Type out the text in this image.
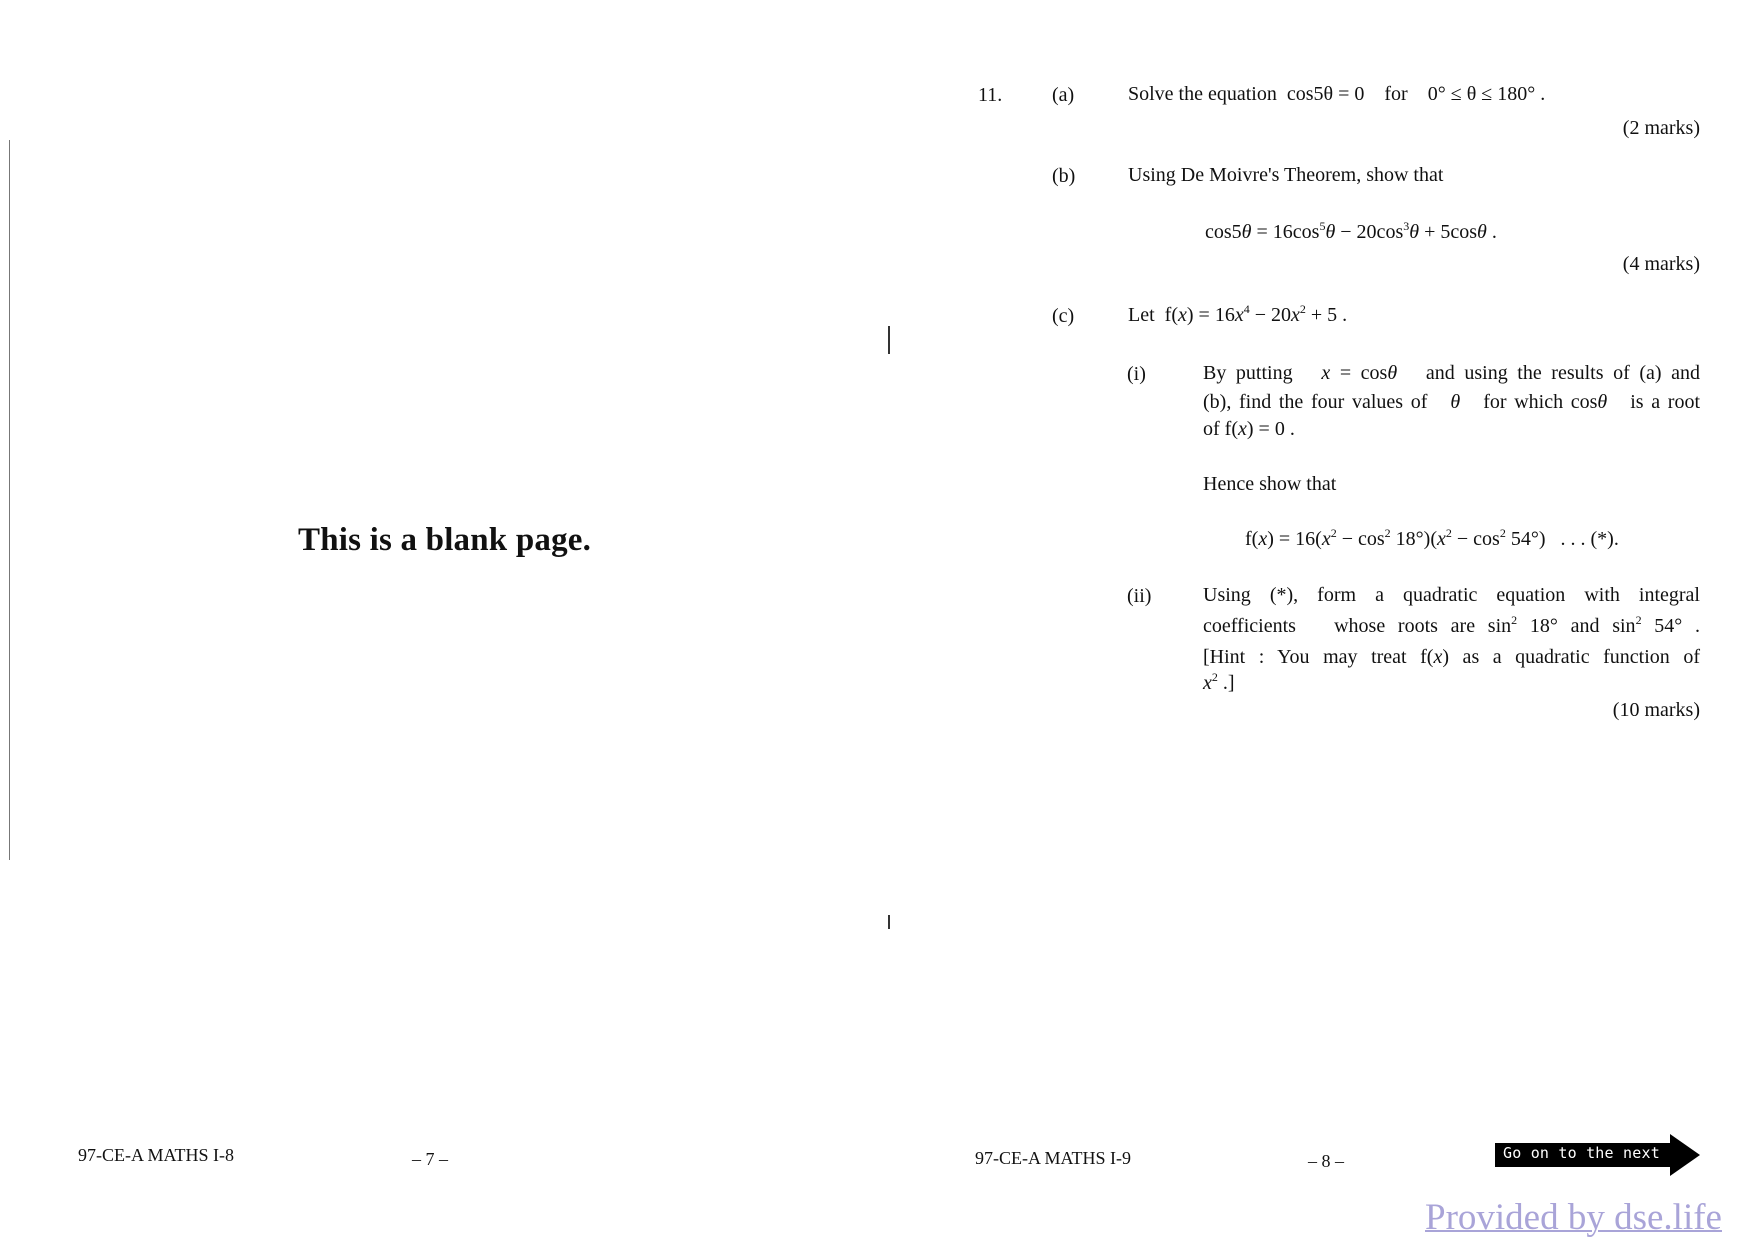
This is a blank page.
97-CE-A MATHS I-8	– 7 –
11. (a)	Solve the equation cos5θ = 0 for 0° ≤ θ ≤ 180° .
(2 marks)
(b)	Using De Moivre's Theorem, show that
$\cos 5\theta = 16\cos^5\theta - 20\cos^3\theta + 5\cos\theta$ .
(4 marks)
(c)	Let  $f(x) = 16x^4 - 20x^2 + 5$ .
(i)	By putting   x = cosθ   and using the results of (a) and
(b), find the four values of   θ   for which cosθ   is a root
of f(x) = 0 .
Hence show that
$f(x) = 16(x^2 - \cos^2 18^\circ)(x^2 - \cos^2 54^\circ)$   . . . (*).
(ii)	Using (*), form a quadratic equation with integral
coefficients   whose roots are $\sin^2 18^\circ$ and $\sin^2 54^\circ$ .
[Hint : You may treat f(x) as a quadratic function of
$x^2$ .]
(10 marks)
97-CE-A MATHS I-9	– 8 –	Go on to the next page
Provided by dse.life
